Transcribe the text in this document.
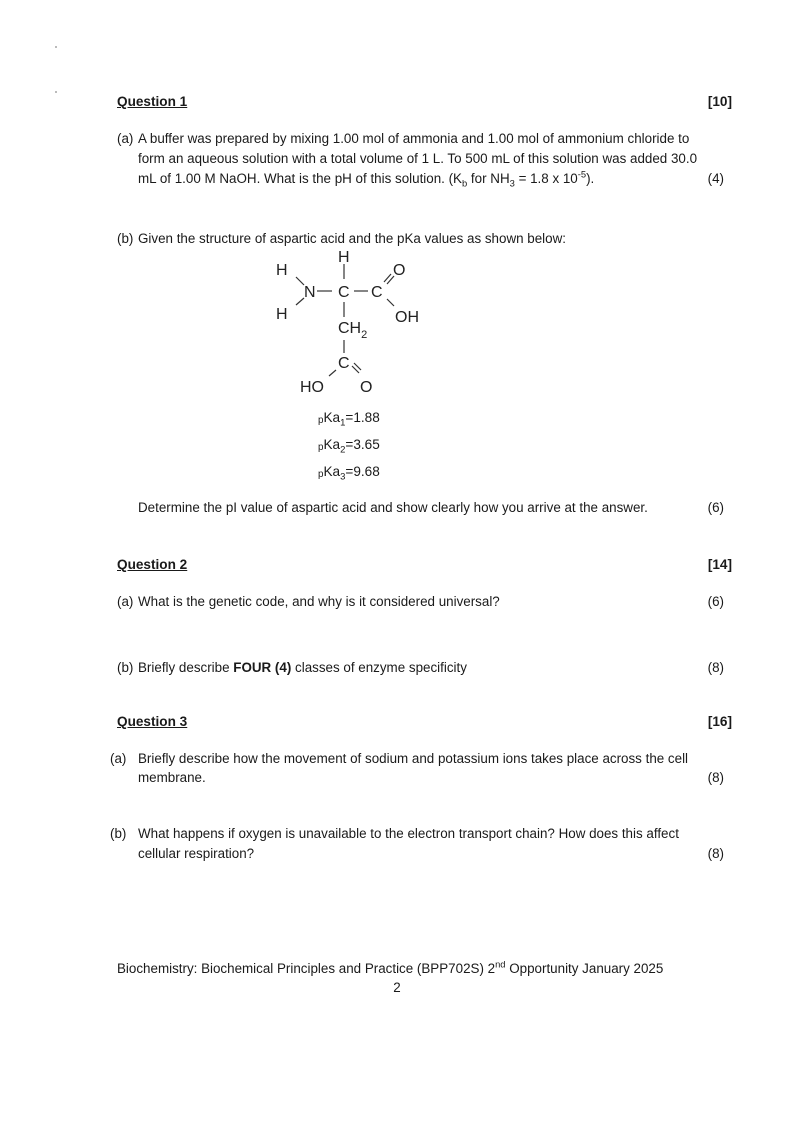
Question 1	[10]
(a) A buffer was prepared by mixing 1.00 mol of ammonia and 1.00 mol of ammonium chloride to
form an aqueous solution with a total volume of 1 L. To 500 mL of this solution was added 30.0
mL of 1.00 M NaOH. What is the pH of this solution. ($K_b$ for $NH_3 = 1.8$ x $10^{-5}$).	(4)
(b) Given the structure of aspartic acid and the pKa values as shown below:
H
H
N
H
C C
O
OH
$CH_2$
C
HO O
pKa$_1$=1.88
pKa$_2$=3.65
pKa$_3$=9.68
Determine the pI value of aspartic acid and show clearly how you arrive at the answer.	(6)
Question 2	[14]
(a) What is the genetic code, and why is it considered universal?	(6)
(b) Briefly describe FOUR (4) classes of enzyme specificity	(8)
Question 3	[16]
(a) Briefly describe how the movement of sodium and potassium ions takes place across the cell
membrane.	(8)
(b) What happens if oxygen is unavailable to the electron transport chain? How does this affect
cellular respiration?	(8)
Biochemistry: Biochemical Principles and Practice (BPP702S) 2nd Opportunity January 2025
2
